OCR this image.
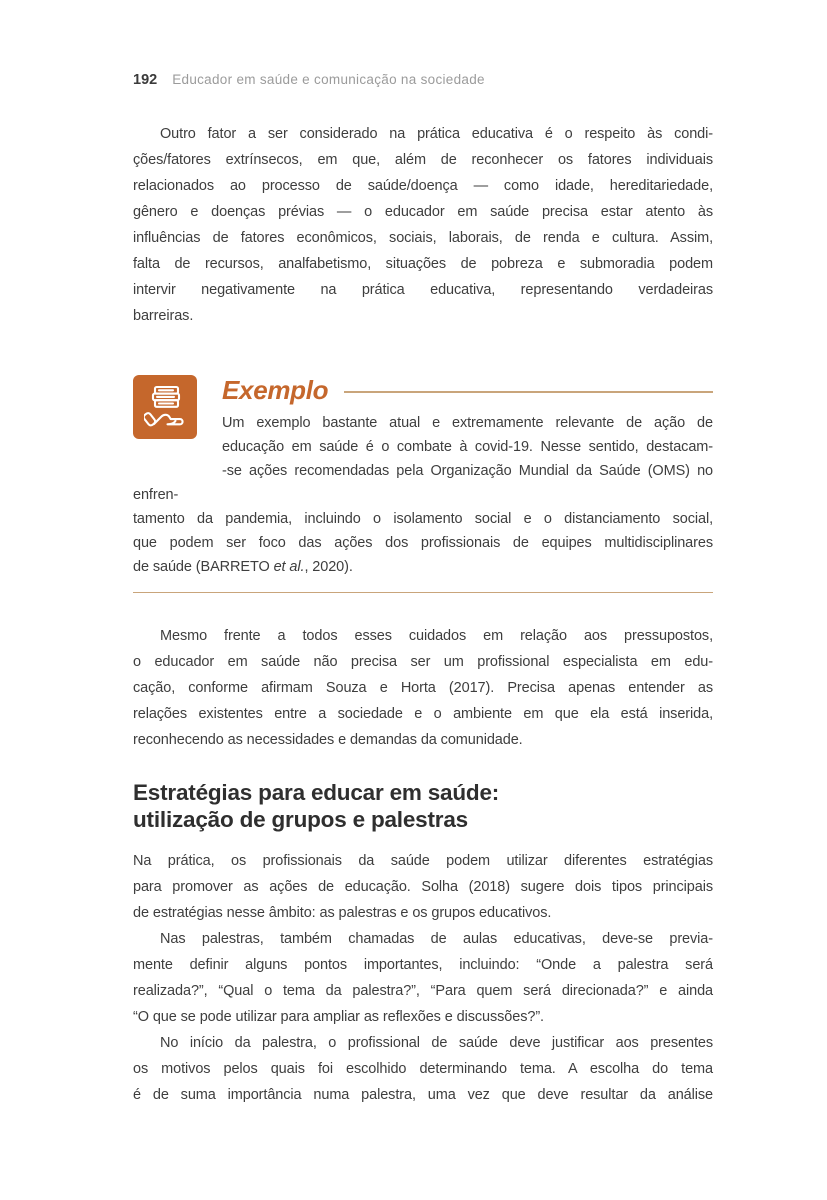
192 Educador em saúde e comunicação na sociedade
Outro fator a ser considerado na prática educativa é o respeito às condi-
ções/fatores extrínsecos, em que, além de reconhecer os fatores individuais
relacionados ao processo de saúde/doença — como idade, hereditariedade,
gênero e doenças prévias — o educador em saúde precisa estar atento às
influências de fatores econômicos, sociais, laborais, de renda e cultura. Assim,
falta de recursos, analfabetismo, situações de pobreza e submoradia podem
intervir negativamente na prática educativa, representando verdadeiras
barreiras.
Exemplo
Um exemplo bastante atual e extremamente relevante de ação de
educação em saúde é o combate à covid-19. Nesse sentido, destacam-
-se ações recomendadas pela Organização Mundial da Saúde (OMS) no enfren-
tamento da pandemia, incluindo o isolamento social e o distanciamento social,
que podem ser foco das ações dos profissionais de equipes multidisciplinares
de saúde (BARRETO et al., 2020).
Mesmo frente a todos esses cuidados em relação aos pressupostos,
o educador em saúde não precisa ser um profissional especialista em edu-
cação, conforme afirmam Souza e Horta (2017). Precisa apenas entender as
relações existentes entre a sociedade e o ambiente em que ela está inserida,
reconhecendo as necessidades e demandas da comunidade.
Estratégias para educar em saúde:
utilização de grupos e palestras
Na prática, os profissionais da saúde podem utilizar diferentes estratégias
para promover as ações de educação. Solha (2018) sugere dois tipos principais
de estratégias nesse âmbito: as palestras e os grupos educativos.
Nas palestras, também chamadas de aulas educativas, deve-se previa-
mente definir alguns pontos importantes, incluindo: “Onde a palestra será
realizada?”, “Qual o tema da palestra?”, “Para quem será direcionada?” e ainda
“O que se pode utilizar para ampliar as reflexões e discussões?”.
No início da palestra, o profissional de saúde deve justificar aos presentes
os motivos pelos quais foi escolhido determinando tema. A escolha do tema
é de suma importância numa palestra, uma vez que deve resultar da análise
